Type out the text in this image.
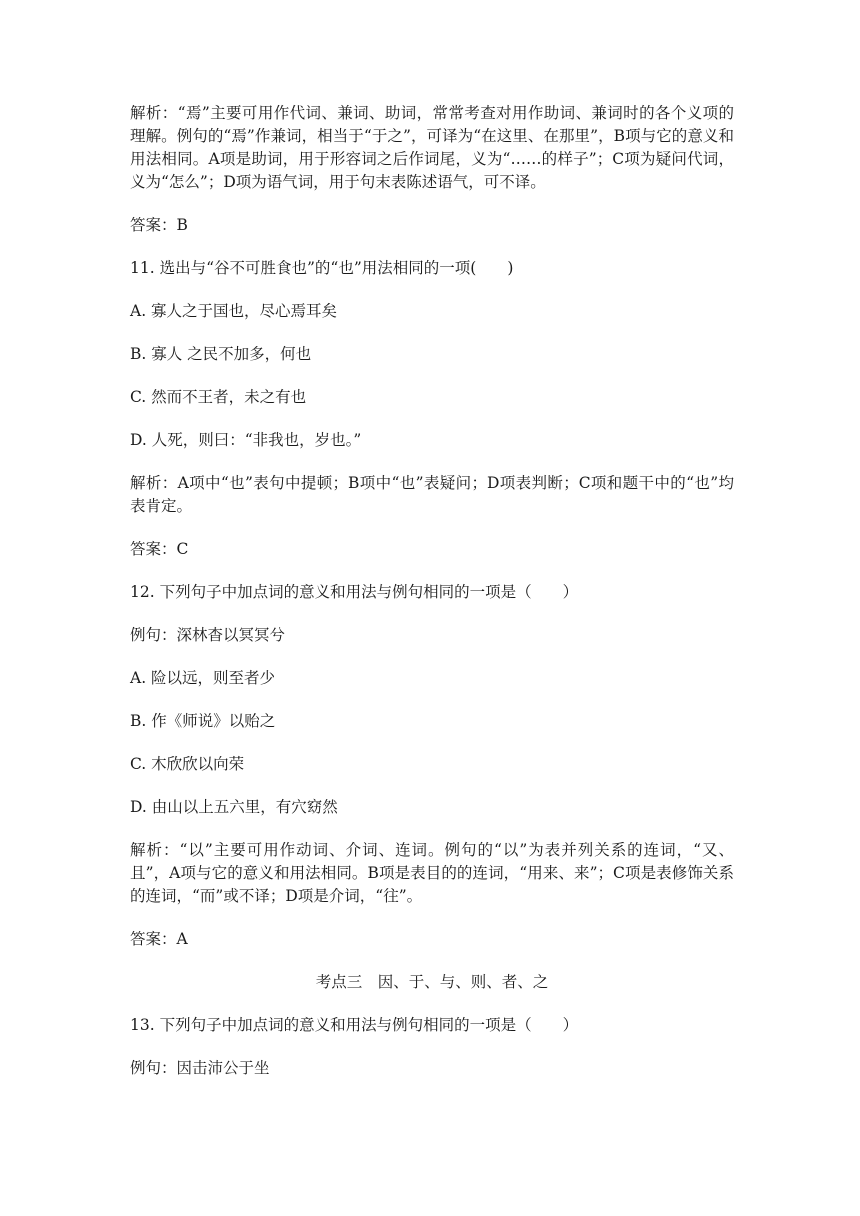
解析：“焉”主要可用作代词、兼词、助词，常常考查对用作助词、兼词时的各个义项的理解。例句的“焉”作兼词，相当于“于之”，可译为“在这里、在那里”，B项与它的意义和用法相同。A项是助词，用于形容词之后作词尾，义为“……的样子”；C项为疑问代词，义为“怎么”；D项为语气词，用于句末表陈述语气，可不译。

答案：B

11. 选出与“谷不可胜食也”的“也”用法相同的一项(　　)

A. 寡人之于国也，尽心焉耳矣

B. 寡人 之民不加多，何也

C. 然而不王者，未之有也

D. 人死，则曰：“非我也，岁也。”

解析：A项中“也”表句中提顿；B项中“也”表疑问；D项表判断；C项和题干中的“也”均表肯定。

答案：C

12. 下列句子中加点词的意义和用法与例句相同的一项是（　　）

例句：深林杳以冥冥兮

A. 险以远，则至者少

B. 作《师说》以贻之

C. 木欣欣以向荣

D. 由山以上五六里，有穴窈然

解析：“以”主要可用作动词、介词、连词。例句的“以”为表并列关系的连词，“又、且”，A项与它的意义和用法相同。B项是表目的的连词，“用来、来”；C项是表修饰关系的连词，“而”或不译；D项是介词，“往”。

答案：A

考点三　因、于、与、则、者、之

13. 下列句子中加点词的意义和用法与例句相同的一项是（　　）

例句：因击沛公于坐
